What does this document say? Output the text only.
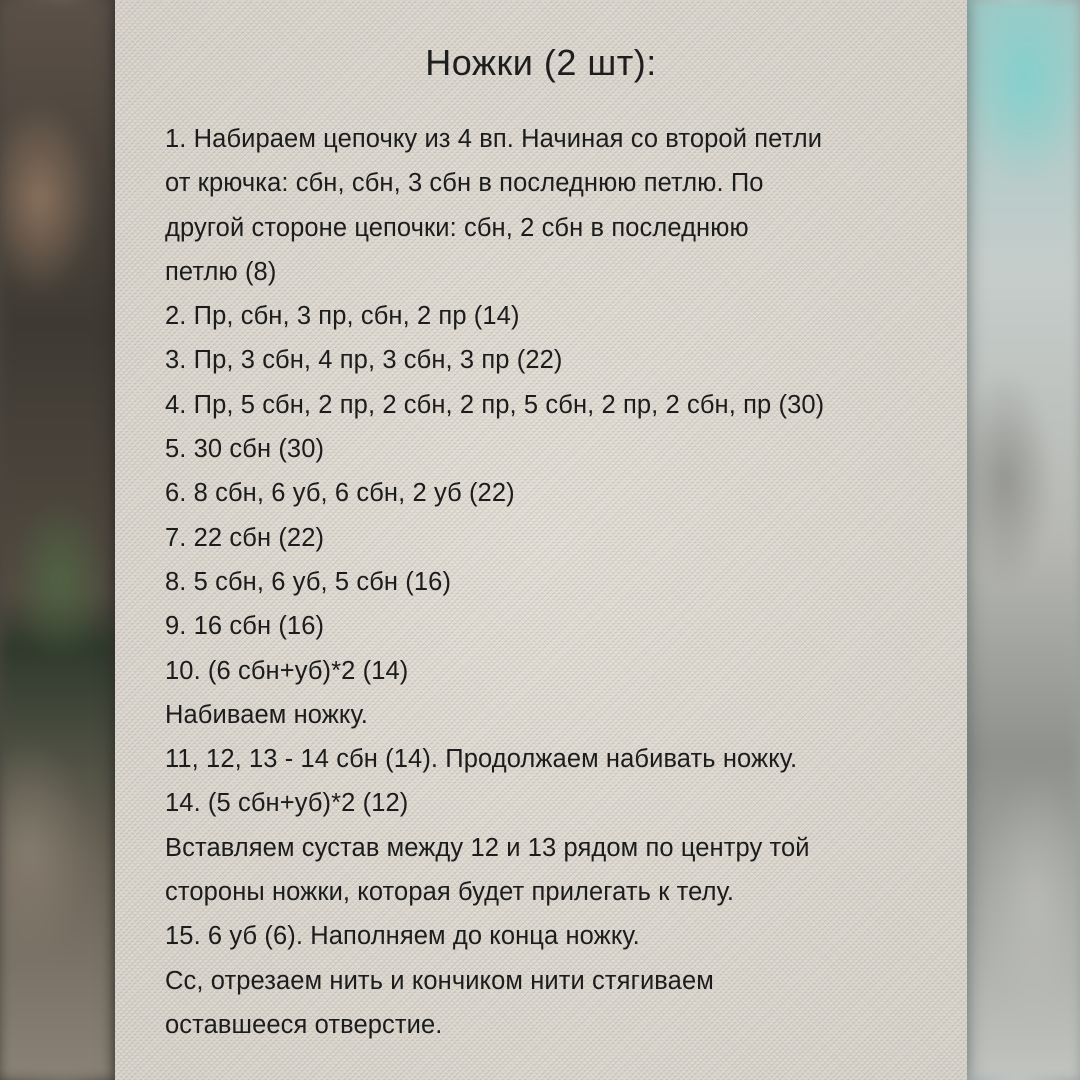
Ножки (2 шт):
1. Набираем цепочку из 4 вп. Начиная со второй петли
от крючка: сбн, сбн, 3 сбн в последнюю петлю. По
другой стороне цепочки: сбн, 2 сбн в последнюю
петлю (8)
2. Пр, сбн, 3 пр, сбн, 2 пр (14)
3. Пр, 3 сбн, 4 пр, 3 сбн, 3 пр (22)
4. Пр, 5 сбн, 2 пр, 2 сбн, 2 пр, 5 сбн, 2 пр, 2 сбн, пр (30)
5. 30 сбн (30)
6. 8 сбн, 6 уб, 6 сбн, 2 уб (22)
7. 22 сбн (22)
8. 5 сбн, 6 уб, 5 сбн (16)
9. 16 сбн (16)
10. (6 сбн+уб)*2 (14)
Набиваем ножку.
11, 12, 13 - 14 сбн (14). Продолжаем набивать ножку.
14. (5 сбн+уб)*2 (12)
Вставляем сустав между 12 и 13 рядом по центру той
стороны ножки, которая будет прилегать к телу.
15. 6 уб (6). Наполняем до конца ножку.
Сс, отрезаем нить и кончиком нити стягиваем
оставшееся отверстие.
